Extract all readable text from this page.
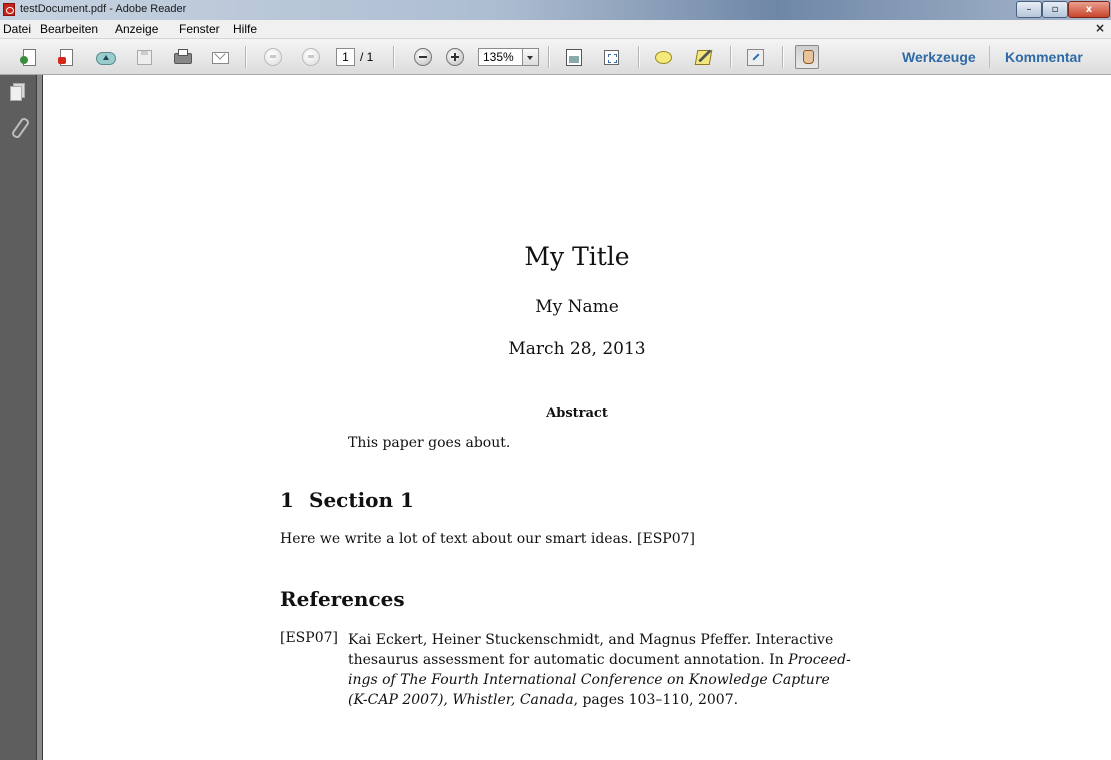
testDocument.pdf - Adobe Reader	–	▫	x
Datei Bearbeiten Anzeige Fenster Hilfe	×
1 / 1	135%	Werkzeuge Kommentar
My Title
My Name
March 28, 2013
Abstract
This paper goes about.
1 Section 1
Here we write a lot of text about our smart ideas. [ESP07]
References
[ESP07] Kai Eckert, Heiner Stuckenschmidt, and Magnus Pfeffer. Interactive
thesaurus assessment for automatic document annotation. In Proceed-
ings of The Fourth International Conference on Knowledge Capture
(K-CAP 2007), Whistler, Canada, pages 103–110, 2007.
